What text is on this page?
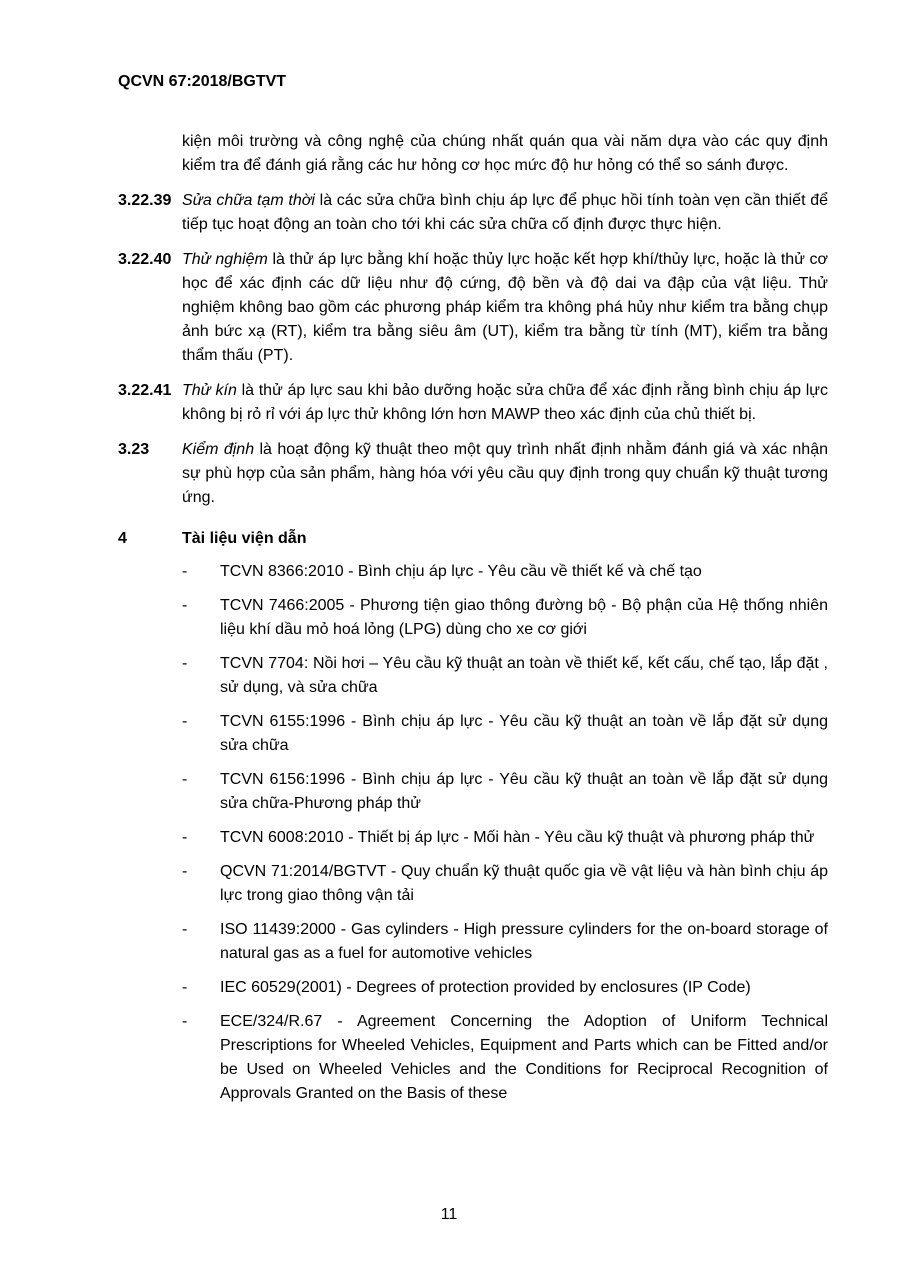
QCVN 67:2018/BGTVT

kiện môi trường và công nghệ của chúng nhất quán qua vài năm dựa vào các quy định kiểm tra để đánh giá rằng các hư hỏng cơ học mức độ hư hỏng có thể so sánh được.

3.22.39 Sửa chữa tạm thời là các sửa chữa bình chịu áp lực để phục hồi tính toàn vẹn cần thiết để tiếp tục hoạt động an toàn cho tới khi các sửa chữa cố định được thực hiện.
3.22.40 Thử nghiệm là thử áp lực bằng khí hoặc thủy lực hoặc kết hợp khí/thủy lực, hoặc là thử cơ học để xác định các dữ liệu như độ cứng, độ bền và độ dai va đập của vật liệu. Thử nghiệm không bao gồm các phương pháp kiểm tra không phá hủy như kiểm tra bằng chụp ảnh bức xạ (RT), kiểm tra bằng siêu âm (UT), kiểm tra bằng từ tính (MT), kiểm tra bằng thẩm thấu (PT).
3.22.41 Thử kín là thử áp lực sau khi bảo dưỡng hoặc sửa chữa để xác định rằng bình chịu áp lực không bị rỏ rỉ với áp lực thử không lớn hơn MAWP theo xác định của chủ thiết bị.
3.23	Kiểm định là hoạt động kỹ thuật theo một quy trình nhất định nhằm đánh giá và xác nhận sự phù hợp của sản phẩm, hàng hóa với yêu cầu quy định trong quy chuẩn kỹ thuật tương ứng.
4	Tài liệu viện dẫn
-	TCVN 8366:2010 - Bình chịu áp lực - Yêu cầu về thiết kế và chế tạo
-	TCVN 7466:2005 - Phương tiện giao thông đường bộ - Bộ phận của Hệ thống nhiên liệu khí dầu mỏ hoá lỏng (LPG) dùng cho xe cơ giới
-	TCVN 7704: Nồi hơi – Yêu cầu kỹ thuật an toàn về thiết kế, kết cấu, chế tạo, lắp đặt , sử dụng, và sửa chữa
-	TCVN 6155:1996 - Bình chịu áp lực - Yêu cầu kỹ thuật an toàn về lắp đặt sử dụng sửa chữa
-	TCVN 6156:1996 - Bình chịu áp lực - Yêu cầu kỹ thuật an toàn về lắp đặt sử dụng sửa chữa-Phương pháp thử
-	TCVN 6008:2010 - Thiết bị áp lực - Mối hàn - Yêu cầu kỹ thuật và phương pháp thử
-	QCVN 71:2014/BGTVT - Quy chuẩn kỹ thuật quốc gia về vật liệu và hàn bình chịu áp lực trong giao thông vận tải
-	ISO 11439:2000 - Gas cylinders - High pressure cylinders for the on-board storage of natural gas as a fuel for automotive vehicles
-	IEC 60529(2001) - Degrees of protection provided by enclosures (IP Code)
-	ECE/324/R.67 - Agreement Concerning the Adoption of Uniform Technical Prescriptions for Wheeled Vehicles, Equipment and Parts which can be Fitted and/or be Used on Wheeled Vehicles and the Conditions for Reciprocal Recognition of Approvals Granted on the Basis of these
11
